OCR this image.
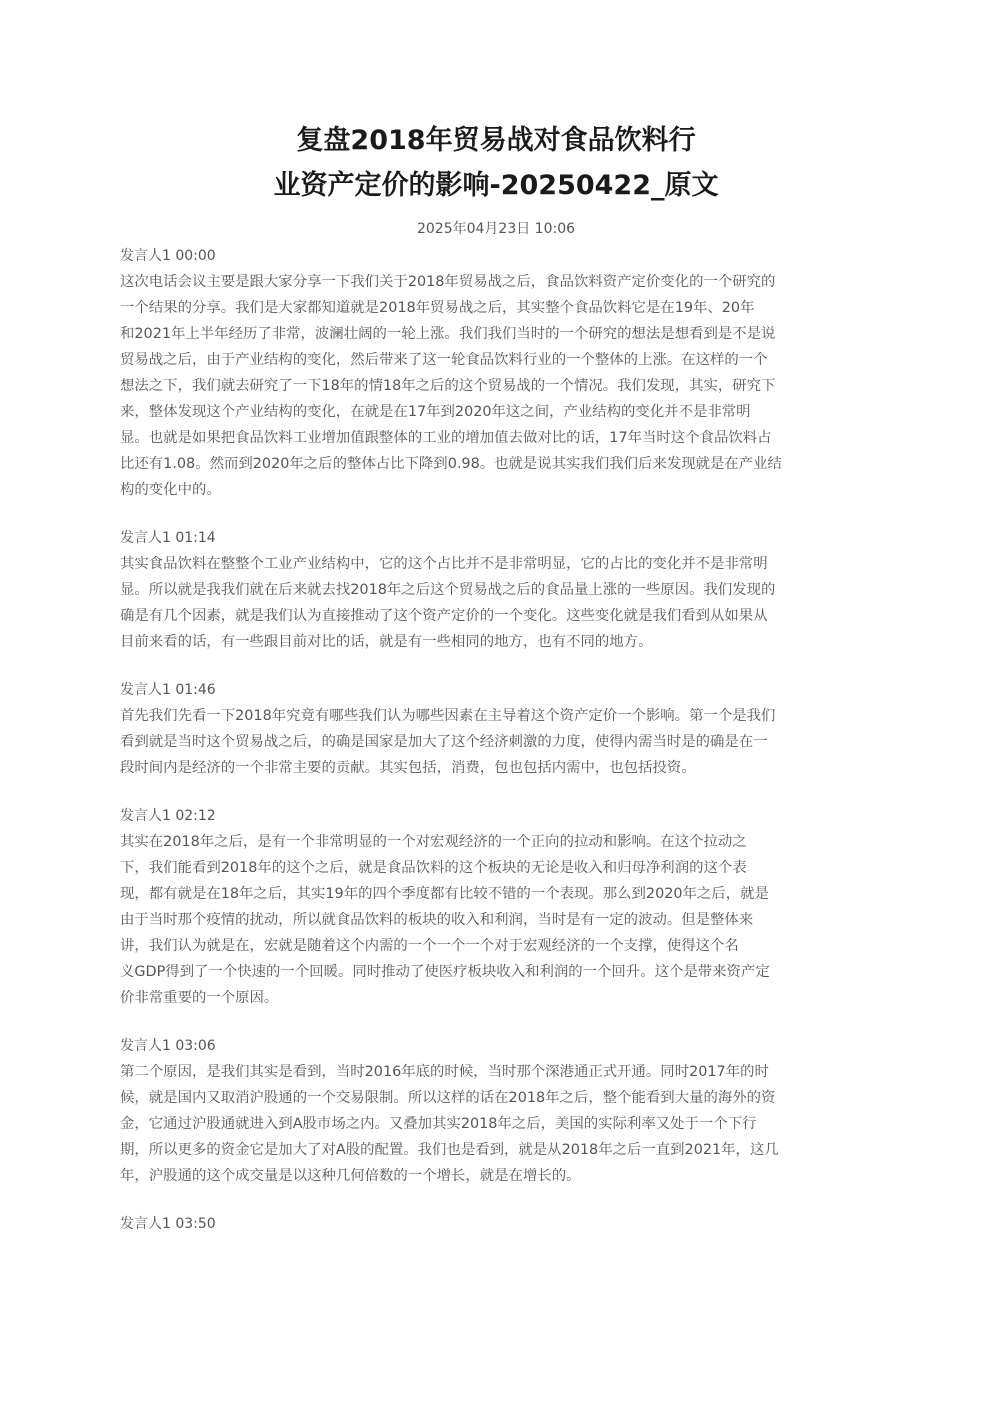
复盘2018年贸易战对食品饮料行
业资产定价的影响-20250422_原文
2025年04月23日 10:06
发言人1 00:00
这次电话会议主要是跟大家分享一下我们关于2018年贸易战之后，食品饮料资产定价变化的一个研究的
一个结果的分享。我们是大家都知道就是2018年贸易战之后，其实整个食品饮料它是在19年、20年
和2021年上半年经历了非常，波澜壮阔的一轮上涨。我们我们当时的一个研究的想法是想看到是不是说
贸易战之后，由于产业结构的变化，然后带来了这一轮食品饮料行业的一个整体的上涨。在这样的一个
想法之下，我们就去研究了一下18年的情18年之后的这个贸易战的一个情况。我们发现，其实，研究下
来，整体发现这个产业结构的变化，在就是在17年到2020年这之间，产业结构的变化并不是非常明
显。也就是如果把食品饮料工业增加值跟整体的工业的增加值去做对比的话，17年当时这个食品饮料占
比还有1.08。然而到2020年之后的整体占比下降到0.98。也就是说其实我们我们后来发现就是在产业结
构的变化中的。
发言人1 01:14
其实食品饮料在整整个工业产业结构中，它的这个占比并不是非常明显，它的占比的变化并不是非常明
显。所以就是我我们就在后来就去找2018年之后这个贸易战之后的食品量上涨的一些原因。我们发现的
确是有几个因素，就是我们认为直接推动了这个资产定价的一个变化。这些变化就是我们看到从如果从
目前来看的话，有一些跟目前对比的话，就是有一些相同的地方，也有不同的地方。
发言人1 01:46
首先我们先看一下2018年究竟有哪些我们认为哪些因素在主导着这个资产定价一个影响。第一个是我们
看到就是当时这个贸易战之后，的确是国家是加大了这个经济刺激的力度，使得内需当时是的确是在一
段时间内是经济的一个非常主要的贡献。其实包括，消费，包也包括内需中，也包括投资。
发言人1 02:12
其实在2018年之后，是有一个非常明显的一个对宏观经济的一个正向的拉动和影响。在这个拉动之
下，我们能看到2018年的这个之后，就是食品饮料的这个板块的无论是收入和归母净利润的这个表
现，都有就是在18年之后，其实19年的四个季度都有比较不错的一个表现。那么到2020年之后，就是
由于当时那个疫情的扰动，所以就食品饮料的板块的收入和利润，当时是有一定的波动。但是整体来
讲，我们认为就是在，宏就是随着这个内需的一个一个一个对于宏观经济的一个支撑，使得这个名
义GDP得到了一个快速的一个回暖。同时推动了使医疗板块收入和利润的一个回升。这个是带来资产定
价非常重要的一个原因。
发言人1 03:06
第二个原因，是我们其实是看到，当时2016年底的时候，当时那个深港通正式开通。同时2017年的时
候，就是国内又取消沪股通的一个交易限制。所以这样的话在2018年之后，整个能看到大量的海外的资
金，它通过沪股通就进入到A股市场之内。又叠加其实2018年之后，美国的实际利率又处于一个下行
期，所以更多的资金它是加大了对A股的配置。我们也是看到，就是从2018年之后一直到2021年，这几
年，沪股通的这个成交量是以这种几何倍数的一个增长，就是在增长的。
发言人1 03:50
